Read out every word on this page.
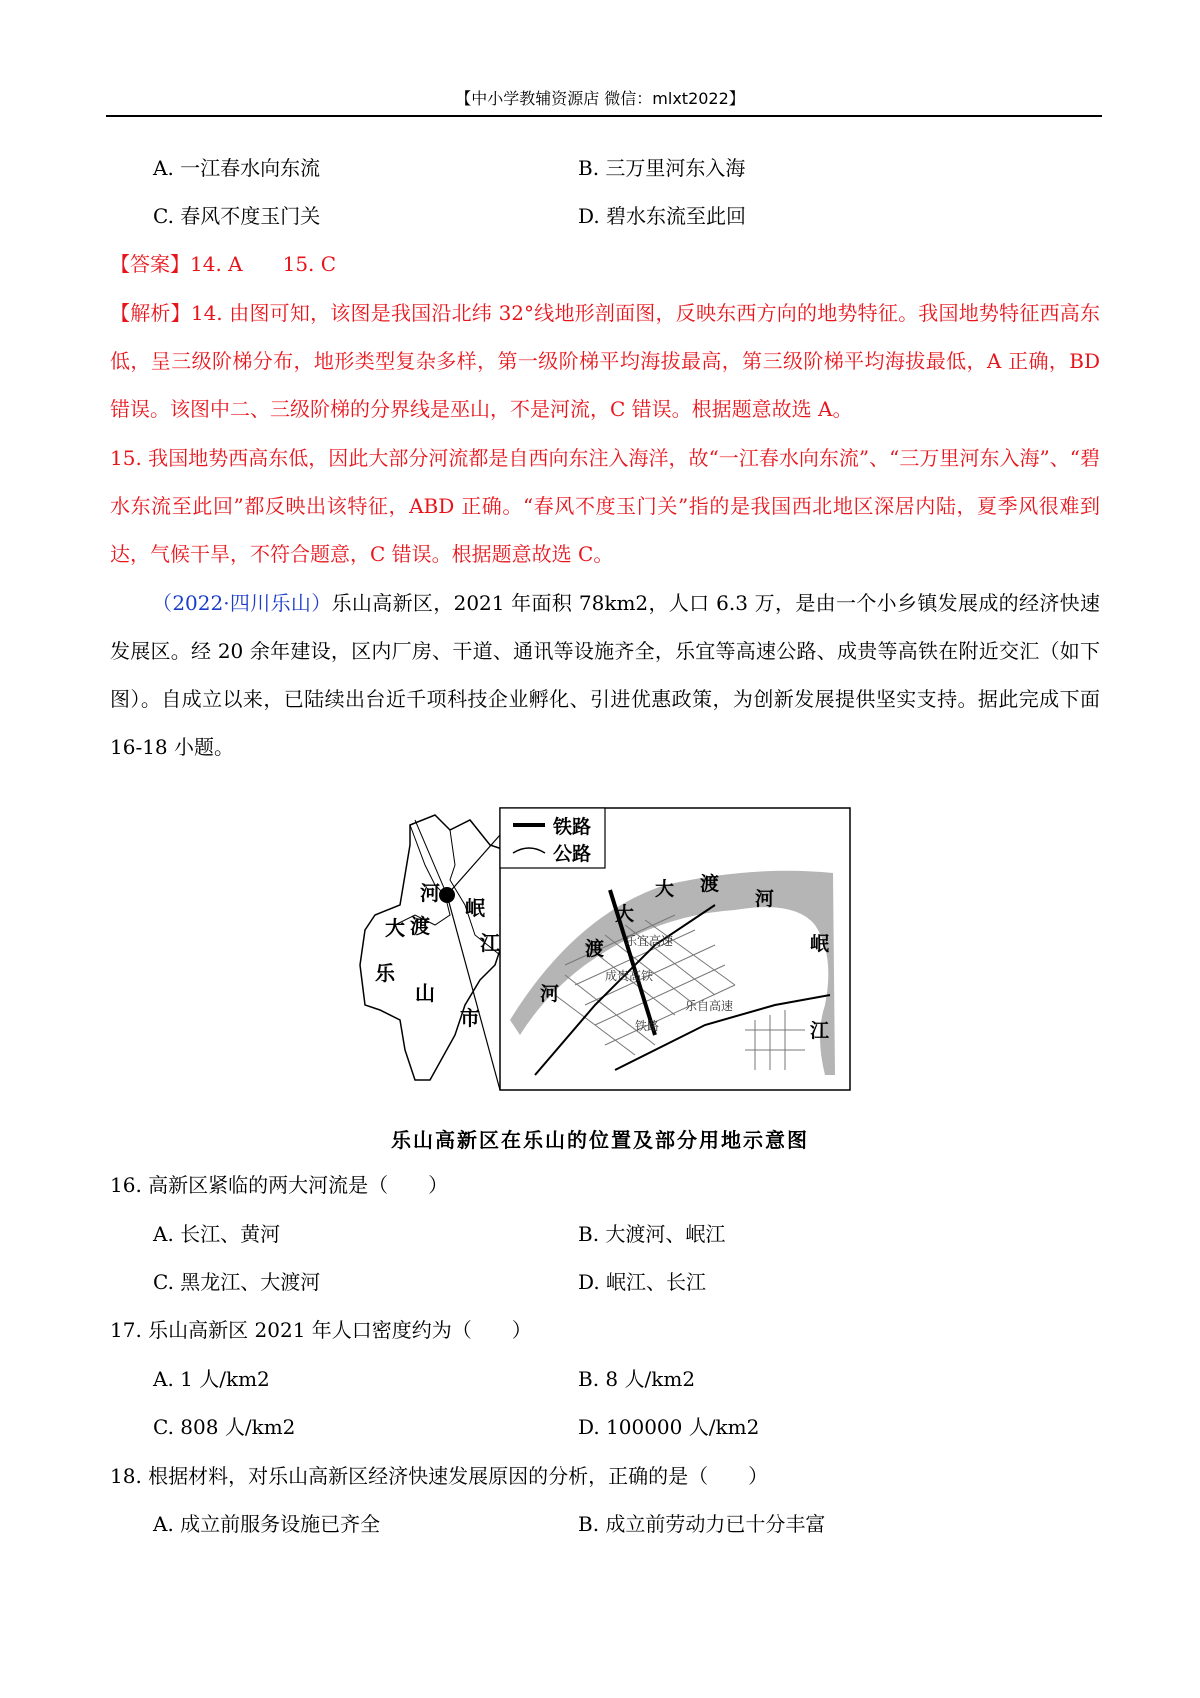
【中小学教辅资源店 微信：mlxt2022】
A. 一江春水向东流	B. 三万里河东入海
C. 春风不度玉门关	D. 碧水东流至此回
【答案】14. A　　15. C
【解析】14. 由图可知，该图是我国沿北纬 32°线地形剖面图，反映东西方向的地势特征。我国地势特征西高东低，呈三级阶梯分布，地形类型复杂多样，第一级阶梯平均海拔最高，第三级阶梯平均海拔最低，A 正确，BD 错误。该图中二、三级阶梯的分界线是巫山，不是河流，C 错误。根据题意故选 A。
15. 我国地势西高东低，因此大部分河流都是自西向东注入海洋，故“一江春水向东流”、“三万里河东入海”、“碧水东流至此回”都反映出该特征，ABD 正确。“春风不度玉门关”指的是我国西北地区深居内陆，夏季风很难到达，气候干旱，不符合题意，C 错误。根据题意故选 C。
（2022·四川乐山）乐山高新区，2021 年面积 78km2，人口 6.3 万，是由一个小乡镇发展成的经济快速发展区。经 20 余年建设，区内厂房、干道、通讯等设施齐全，乐宜等高速公路、成贵等高铁在附近交汇（如下图）。自成立以来，已陆续出台近千项科技企业孵化、引进优惠政策，为创新发展提供坚实支持。据此完成下面 16-18 小题。
河
大 渡
岷
江
乐
山
市
铁路
公路
大 渡
河
大
渡
河
岷
江
乐宜高速
成贵高铁
乐自高速
铁路
乐山高新区在乐山的位置及部分用地示意图
16. 高新区紧临的两大河流是（　　）
A. 长江、黄河	B. 大渡河、岷江
C. 黑龙江、大渡河	D. 岷江、长江
17. 乐山高新区 2021 年人口密度约为（　　）
A. 1 人/km2	B. 8 人/km2
C. 808 人/km2	D. 100000 人/km2
18. 根据材料，对乐山高新区经济快速发展原因的分析，正确的是（　　）
A. 成立前服务设施已齐全	B. 成立前劳动力已十分丰富
